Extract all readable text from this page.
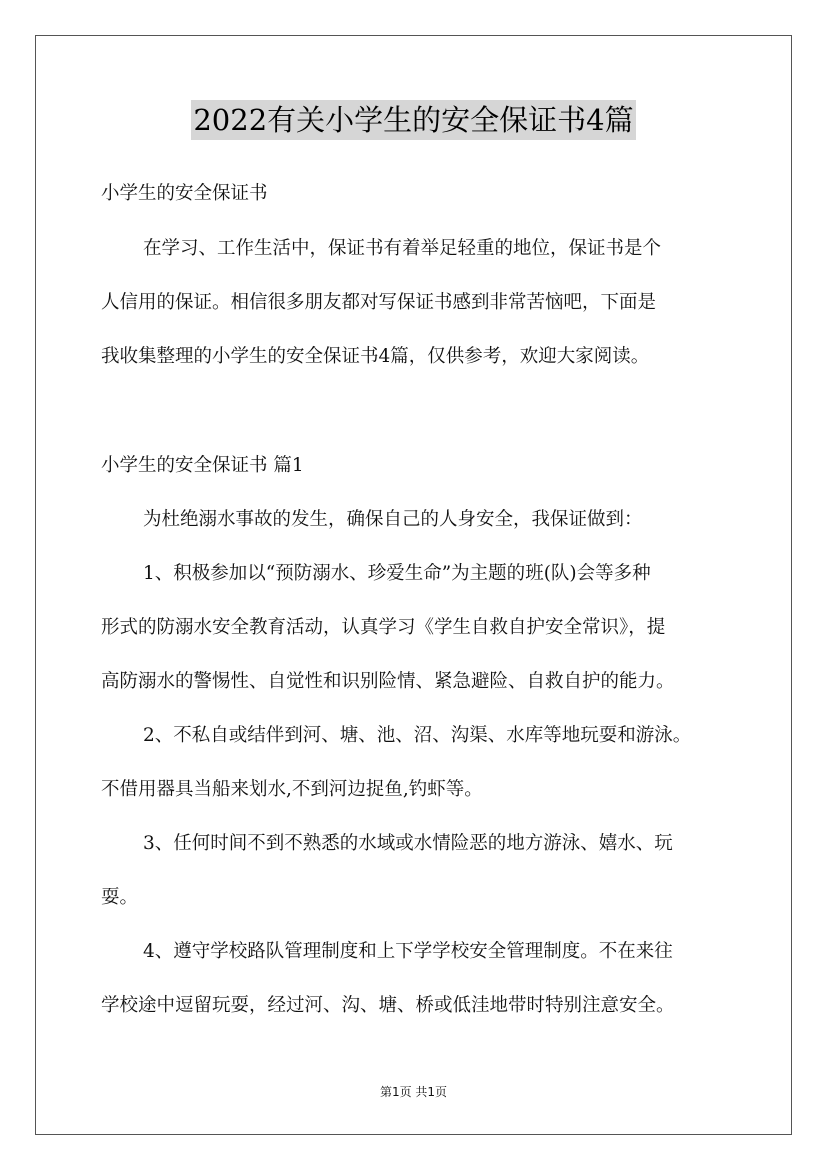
2022有关小学生的安全保证书4篇
小学生的安全保证书
在学习、工作生活中，保证书有着举足轻重的地位，保证书是个
人信用的保证。相信很多朋友都对写保证书感到非常苦恼吧，下面是
我收集整理的小学生的安全保证书4篇，仅供参考，欢迎大家阅读。
小学生的安全保证书 篇1
为杜绝溺水事故的发生，确保自己的人身安全，我保证做到：
1、积极参加以“预防溺水、珍爱生命”为主题的班(队)会等多种
形式的防溺水安全教育活动，认真学习《学生自救自护安全常识》，提
高防溺水的警惕性、自觉性和识别险情、紧急避险、自救自护的能力。
2、不私自或结伴到河、塘、池、沼、沟渠、水库等地玩耍和游泳。
不借用器具当船来划水,不到河边捉鱼,钓虾等。
3、任何时间不到不熟悉的水域或水情险恶的地方游泳、嬉水、玩
耍。
4、遵守学校路队管理制度和上下学学校安全管理制度。不在来往
学校途中逗留玩耍，经过河、沟、塘、桥或低洼地带时特别注意安全。
第1页 共1页
